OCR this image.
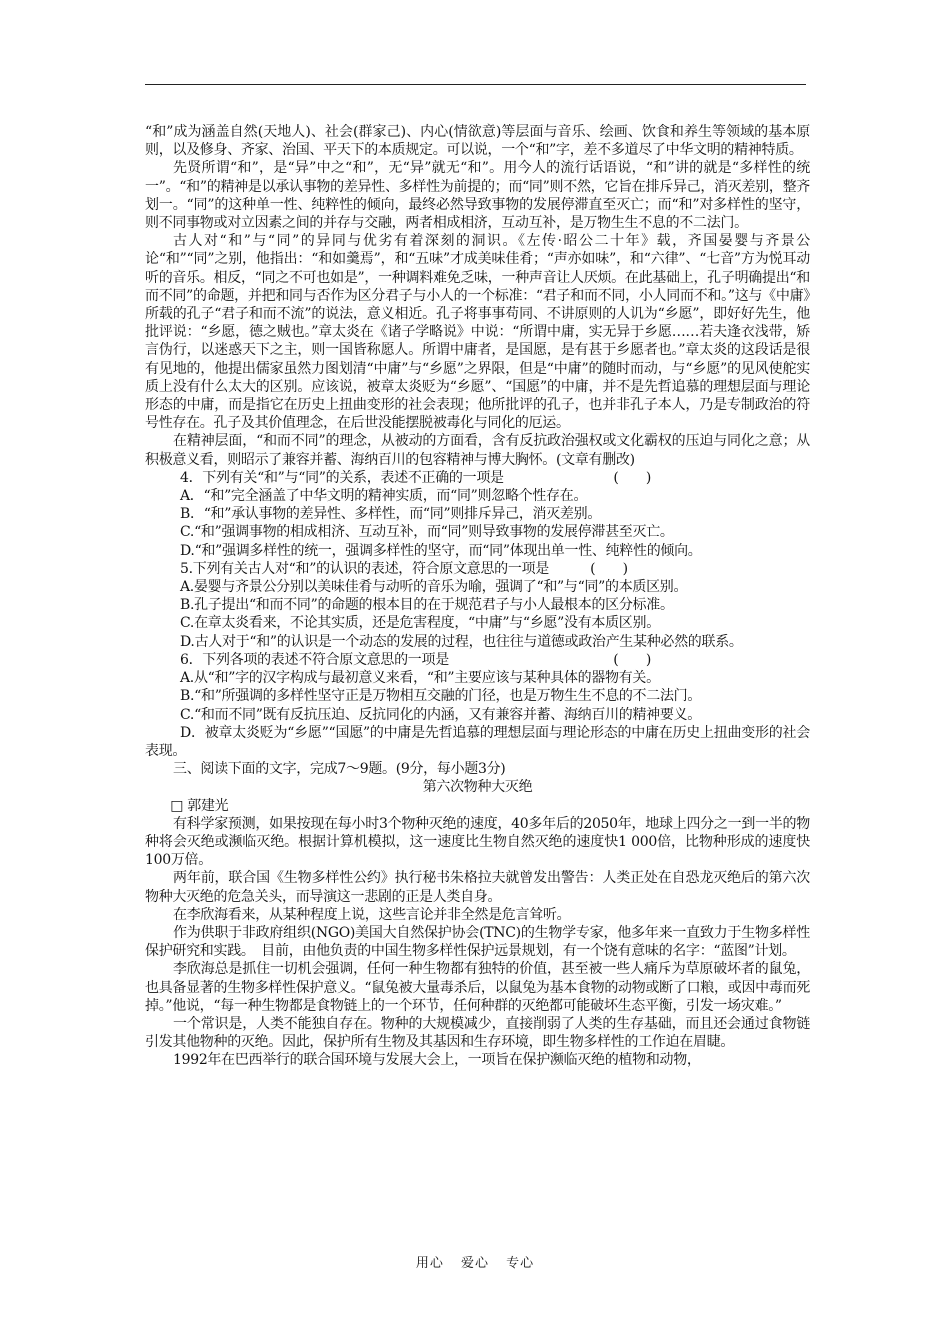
“和”成为涵盖自然(天地人)、社会(群家己)、内心(情欲意)等层面与音乐、绘画、饮食和养生等领域的基本原则，以及修身、齐家、治国、平天下的本质规定。可以说，一个“和”字，差不多道尽了中华文明的精神特质。

先贤所谓“和”，是“异”中之“和”，无“异”就无“和”。用今人的流行话语说，“和”讲的就是“多样性的统一”。“和”的精神是以承认事物的差异性、多样性为前提的；而“同”则不然，它旨在排斥异己，消灭差别，整齐划一。“同”的这种单一性、纯粹性的倾向，最终必然导致事物的发展停滞直至灭亡；而“和”对多样性的坚守，则不同事物或对立因素之间的并存与交融，两者相成相济，互动互补，是万物生生不息的不二法门。

古人对“和”与“同”的异同与优劣有着深刻的洞识。《左传·昭公二十年》载，齐国晏婴与齐景公论“和”“同”之别，他指出：“和如羹焉”，和“五味”才成美味佳肴；“声亦如味”，和“六律”、“七音”方为悦耳动听的音乐。相反，“同之不可也如是”，一种调料难免乏味，一种声音让人厌烦。在此基础上，孔子明确提出“和而不同”的命题，并把和同与否作为区分君子与小人的一个标准：“君子和而不同，小人同而不和。”这与《中庸》所载的孔子“君子和而不流”的说法，意义相近。孔子将事事苟同、不讲原则的人讥为“乡愿”，即好好先生，他批评说：“乡愿，德之贼也。”章太炎在《诸子学略说》中说：“所谓中庸，实无异于乡愿……若夫逢衣浅带，矫言伪行，以迷惑天下之主，则一国皆称愿人。所谓中庸者，是国愿，是有甚于乡愿者也。”章太炎的这段话是很有见地的，他提出儒家虽然力图划清“中庸”与“乡愿”之界限，但是“中庸”的随时而动，与“乡愿”的见风使舵实质上没有什么太大的区别。应该说，被章太炎贬为“乡愿”、“国愿”的中庸，并不是先哲追慕的理想层面与理论形态的中庸，而是指它在历史上扭曲变形的社会表现；他所批评的孔子，也并非孔子本人，乃是专制政治的符号性存在。孔子及其价值理念，在后世没能摆脱被毒化与同化的厄运。

在精神层面，“和而不同”的理念，从被动的方面看，含有反抗政治强权或文化霸权的压迫与同化之意；从积极意义看，则昭示了兼容并蓄、海纳百川的包容精神与博大胸怀。(文章有删改)

4．下列有关“和”与“同”的关系，表述不正确的一项是　　　　　　　　(　　)

A．“和”完全涵盖了中华文明的精神实质，而“同”则忽略个性存在。

B．“和”承认事物的差异性、多样性，而“同”则排斥异己，消灭差别。

C.“和”强调事物的相成相济、互动互补，而“同”则导致事物的发展停滞甚至灭亡。

D.“和”强调多样性的统一，强调多样性的坚守，而“同”体现出单一性、纯粹性的倾向。

5.下列有关古人对“和”的认识的表述，符合原文意思的一项是　　　(　　)

A.晏婴与齐景公分别以美味佳肴与动听的音乐为喻，强调了“和”与“同”的本质区别。

B.孔子提出“和而不同”的命题的根本目的在于规范君子与小人最根本的区分标准。

C.在章太炎看来，不论其实质，还是危害程度，“中庸”与“乡愿”没有本质区别。

D.古人对于“和”的认识是一个动态的发展的过程，也往往与道德或政治产生某种必然的联系。

6．下列各项的表述不符合原文意思的一项是　　　　　　　　　　　　(　　)

A.从“和”字的汉字构成与最初意义来看，“和”主要应该与某种具体的器物有关。

B.“和”所强调的多样性坚守正是万物相互交融的门径，也是万物生生不息的不二法门。

C.“和而不同”既有反抗压迫、反抗同化的内涵，又有兼容并蓄、海纳百川的精神要义。

D．被章太炎贬为“乡愿”“国愿”的中庸是先哲追慕的理想层面与理论形态的中庸在历史上扭曲变形的社会表现。

三、阅读下面的文字，完成7～9题。(9分，每小题3分)

第六次物种大灭绝

□ 郭建光

有科学家预测，如果按现在每小时3个物种灭绝的速度，40多年后的2050年，地球上四分之一到一半的物种将会灭绝或濒临灭绝。根据计算机模拟，这一速度比生物自然灭绝的速度快1 000倍，比物种形成的速度快100万倍。

两年前，联合国《生物多样性公约》执行秘书朱格拉夫就曾发出警告：人类正处在自恐龙灭绝后的第六次物种大灭绝的危急关头，而导演这一悲剧的正是人类自身。

在李欣海看来，从某种程度上说，这些言论并非全然是危言耸听。

作为供职于非政府组织(NGO)美国大自然保护协会(TNC)的生物学专家，他多年来一直致力于生物多样性保护研究和实践。　目前，由他负责的中国生物多样性保护远景规划，有一个饶有意味的名字：“蓝图”计划。

李欣海总是抓住一切机会强调，任何一种生物都有独特的价值，甚至被一些人痛斥为草原破坏者的鼠兔，也具备显著的生物多样性保护意义。“鼠兔被大量毒杀后，以鼠兔为基本食物的动物或断了口粮，或因中毒而死掉。”他说，“每一种生物都是食物链上的一个环节，任何种群的灭绝都可能破坏生态平衡，引发一场灾难。”

一个常识是，人类不能独自存在。物种的大规模减少，直接削弱了人类的生存基础，而且还会通过食物链引发其他物种的灭绝。因此，保护所有生物及其基因和生存环境，即生物多样性的工作迫在眉睫。

1992年在巴西举行的联合国环境与发展大会上，一项旨在保护濒临灭绝的植物和动物，

用心 爱心 专心
